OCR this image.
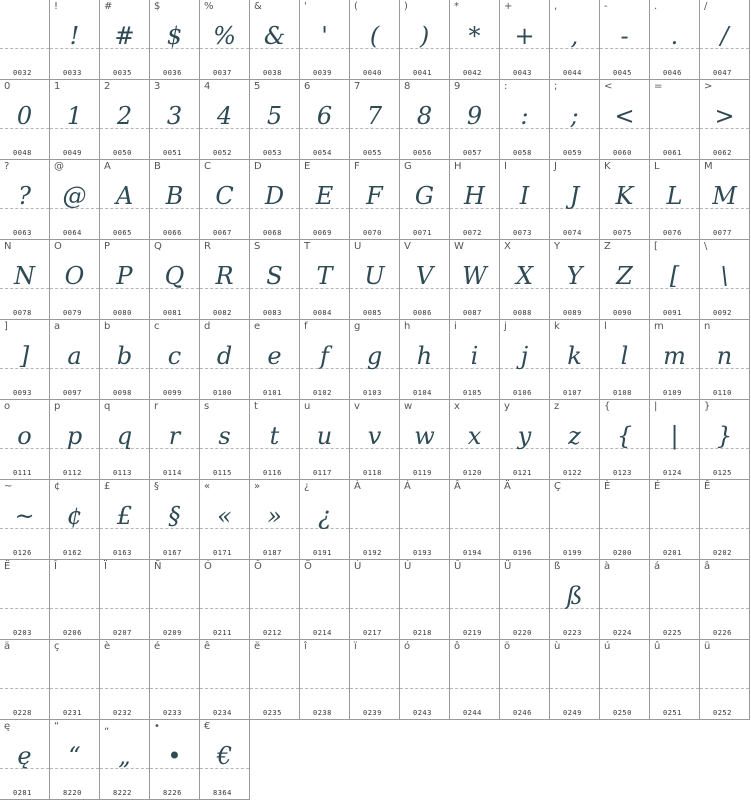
0032
!
!
0033
#
#
0035
$
$
0036
%
%
0037
&
&
0038
'
'
0039
(
(
0040
)
)
0041
*
*
0042
+
+
0043
,
,
0044
-
-
0045
.
.
0046
/
/
0047
0
0
0048
1
1
0049
2
2
0050
3
3
0051
4
4
0052
5
5
0053
6
6
0054
7
7
0055
8
8
0056
9
9
0057
:
:
0058
;
;
0059
<
<
0060
=
0061
>
>
0062
?
?
0063
@
@
0064
A
A
0065
B
B
0066
C
C
0067
D
D
0068
E
E
0069
F
F
0070
G
G
0071
H
H
0072
I
I
0073
J
J
0074
K
K
0075
L
L
0076
M
M
0077
N
N
0078
O
O
0079
P
P
0080
Q
Q
0081
R
R
0082
S
S
0083
T
T
0084
U
U
0085
V
V
0086
W
W
0087
X
X
0088
Y
Y
0089
Z
Z
0090
[
[
0091
\
\
0092
]
]
0093
a
a
0097
b
b
0098
c
c
0099
d
d
0100
e
e
0101
f
f
0102
g
g
0103
h
h
0104
i
i
0105
j
j
0106
k
k
0107
l
l
0108
m
m
0109
n
n
0110
o
o
0111
p
p
0112
q
q
0113
r
r
0114
s
s
0115
t
t
0116
u
u
0117
v
v
0118
w
w
0119
x
x
0120
y
y
0121
z
z
0122
{
{
0123
|
|
0124
}
}
0125
~
~
0126
¢
¢
0162
£
£
0163
§
§
0167
«
«
0171
»
»
0187
¿
¿
0191
À
0192
Á
0193
Â
0194
Ä
0196
Ç
0199
È
0200
É
0201
Ê
0202
Ë
0203
Î
0206
Ï
0207
Ñ
0209
Ó
0211
Ô
0212
Ö
0214
Ù
0217
Ú
0218
Û
0219
Ü
0220
ß
ß
0223
à
0224
á
0225
â
0226
ä
0228
ç
0231
è
0232
é
0233
ê
0234
ë
0235
î
0238
ï
0239
ó
0243
ô
0244
ö
0246
ù
0249
ú
0250
û
0251
ü
0252
ę
ę
0281
“
“
8220
„
„
8222
•
•
8226
€
€
8364
